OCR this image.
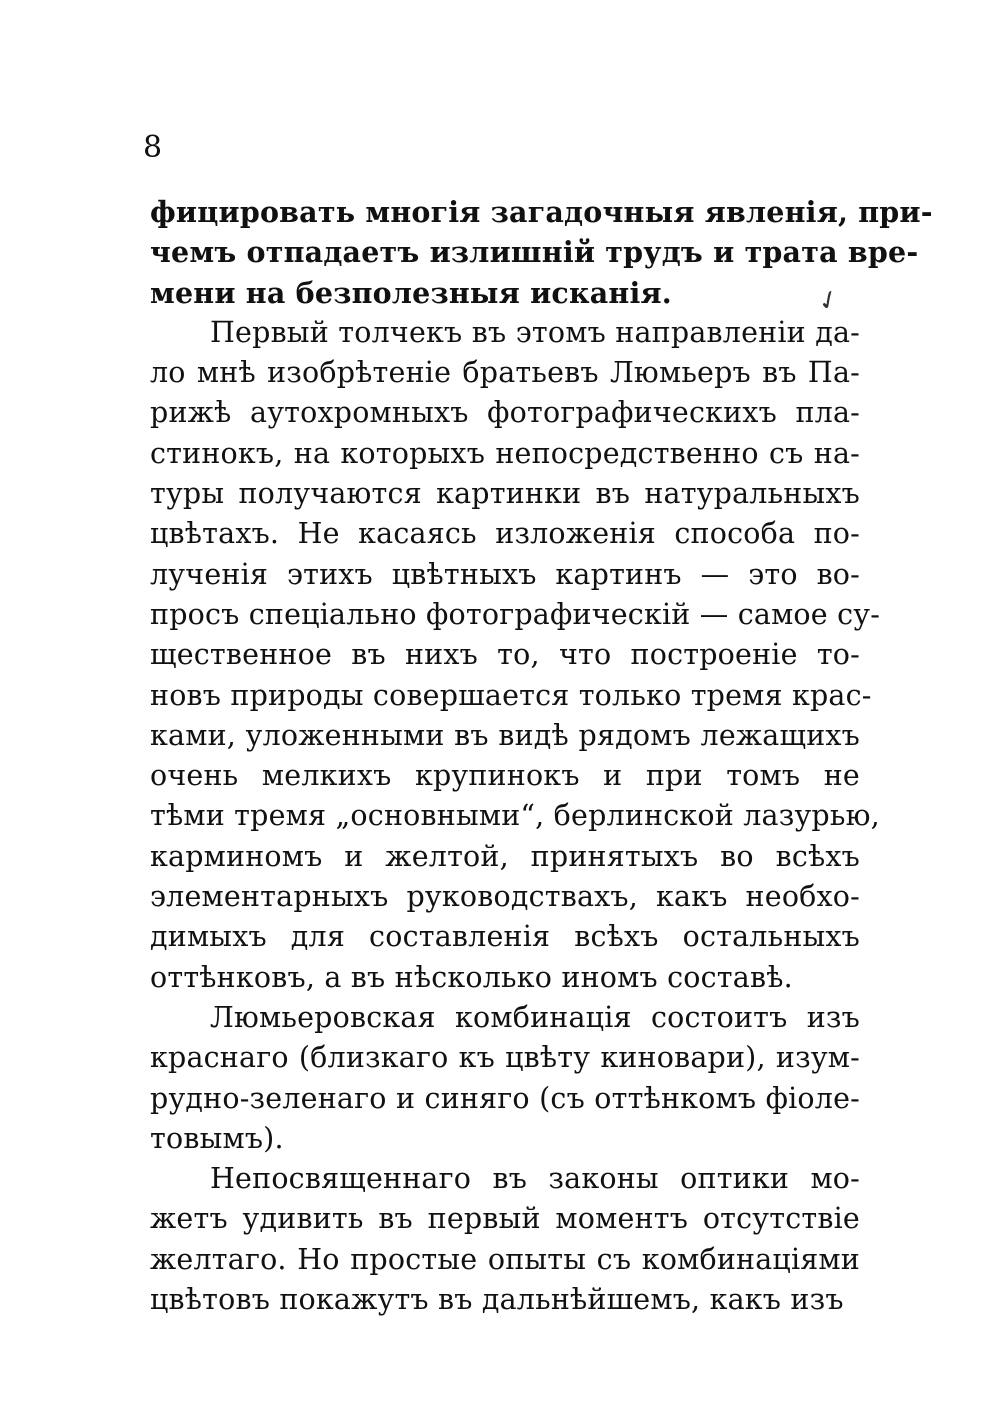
8
✓
фицировать многія загадочныя явленія, при-
чемъ отпадаетъ излишній трудъ и трата вре-
мени на безполезныя исканія.
Первый толчекъ въ этомъ направленіи да-
ло мнѣ изобрѣтеніе братьевъ Люмьеръ въ Па-
рижѣ аутохромныхъ фотографическихъ пла-
стинокъ, на которыхъ непосредственно съ на-
туры получаются картинки въ натуральныхъ
цвѣтахъ. Не касаясь изложенія способа по-
лученія этихъ цвѣтныхъ картинъ — это во-
просъ спеціально фотографическій — самое су-
щественное въ нихъ то, что построеніе то-
новъ природы совершается только тремя крас-
ками, уложенными въ видѣ рядомъ лежащихъ
очень мелкихъ крупинокъ и при томъ не
тѣми тремя „основными“, берлинской лазурью,
карминомъ и желтой, принятыхъ во всѣхъ
элементарныхъ руководствахъ, какъ необхо-
димыхъ для составленія всѣхъ остальныхъ
оттѣнковъ, а въ нѣсколько иномъ составѣ.
Люмьеровская комбинація состоитъ изъ
краснаго (близкаго къ цвѣту киновари), изум-
рудно-зеленаго и синяго (съ оттѣнкомъ фіоле-
товымъ).
Непосвященнаго въ законы оптики мо-
жетъ удивить въ первый моментъ отсутствіе
желтаго. Но простые опыты съ комбинаціями
цвѣтовъ покажутъ въ дальнѣйшемъ, какъ изъ
